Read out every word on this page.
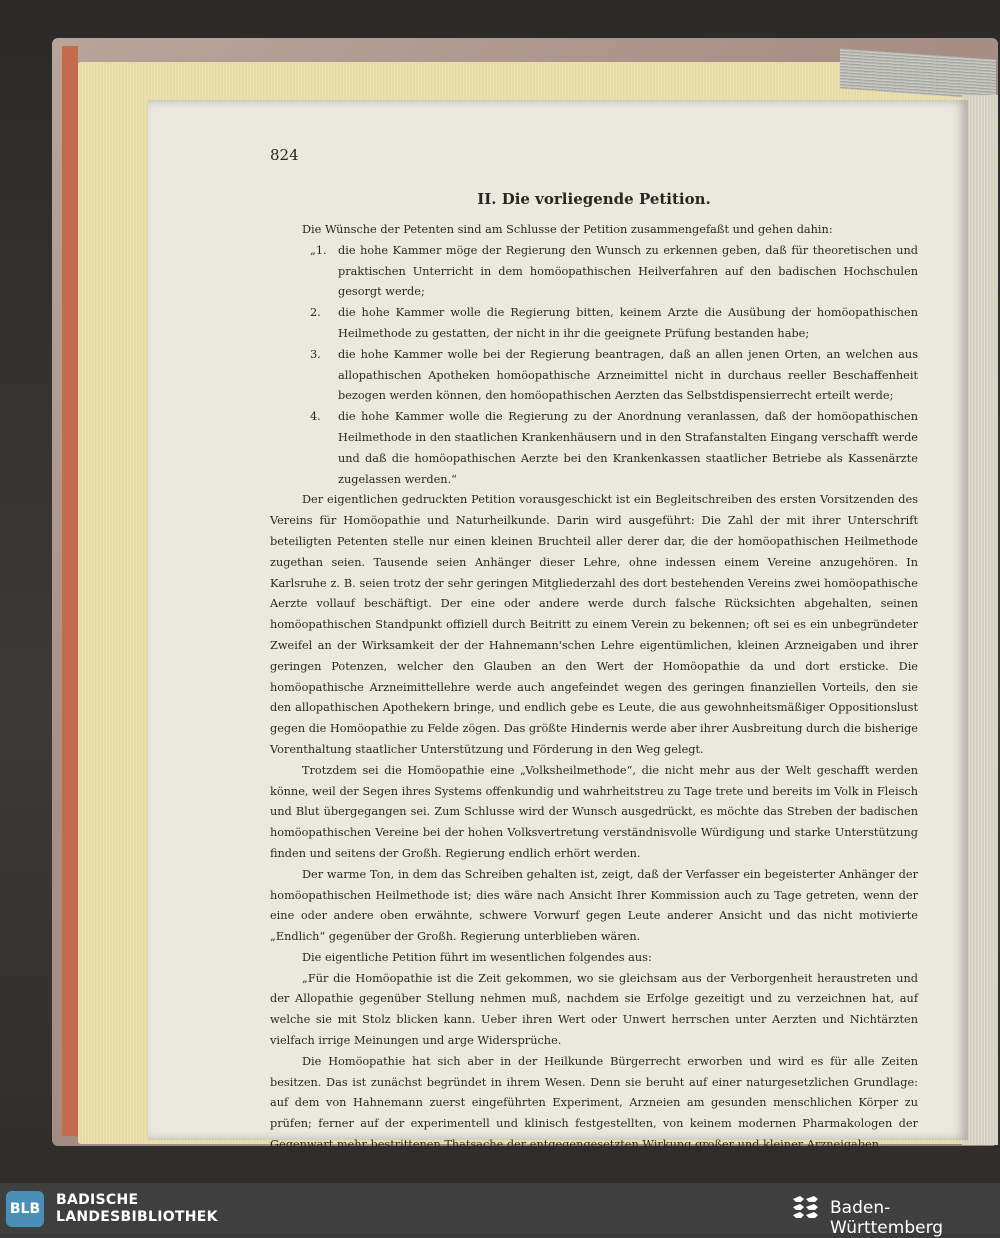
824
II. Die vorliegende Petition.

Die Wünsche der Petenten sind am Schlusse der Petition zusammengefaßt und gehen dahin:

„1. die hohe Kammer möge der Regierung den Wunsch zu erkennen geben, daß für theoretischen und praktischen Unterricht in dem homöopathischen Heilverfahren auf den badischen Hochschulen gesorgt werde;

2. die hohe Kammer wolle die Regierung bitten, keinem Arzte die Ausübung der homöopathischen Heilmethode zu gestatten, der nicht in ihr die geeignete Prüfung bestanden habe;

3. die hohe Kammer wolle bei der Regierung beantragen, daß an allen jenen Orten, an welchen aus allopathischen Apotheken homöopathische Arzneimittel nicht in durchaus reeller Beschaffenheit bezogen werden können, den homöopathischen Aerzten das Selbstdispensierrecht erteilt werde;

4. die hohe Kammer wolle die Regierung zu der Anordnung veranlassen, daß der homöopathischen Heilmethode in den staatlichen Krankenhäusern und in den Strafanstalten Eingang verschafft werde und daß die homöopathischen Aerzte bei den Krankenkassen staatlicher Betriebe als Kassenärzte zugelassen werden.“

Der eigentlichen gedruckten Petition vorausgeschickt ist ein Begleitschreiben des ersten Vorsitzenden des Vereins für Homöopathie und Naturheilkunde. Darin wird ausgeführt: Die Zahl der mit ihrer Unterschrift beteiligten Petenten stelle nur einen kleinen Bruchteil aller derer dar, die der homöopathischen Heilmethode zugethan seien. Tausende seien Anhänger dieser Lehre, ohne indessen einem Vereine anzugehören. In Karlsruhe z. B. seien trotz der sehr geringen Mitgliederzahl des dort bestehenden Vereins zwei homöopathische Aerzte vollauf beschäftigt. Der eine oder andere werde durch falsche Rücksichten abgehalten, seinen homöopathischen Standpunkt offiziell durch Beitritt zu einem Verein zu bekennen; oft sei es ein unbegründeter Zweifel an der Wirksamkeit der der Hahnemann'schen Lehre eigentümlichen, kleinen Arzneigaben und ihrer geringen Potenzen, welcher den Glauben an den Wert der Homöopathie da und dort ersticke. Die homöopathische Arzneimittellehre werde auch angefeindet wegen des geringen finanziellen Vorteils, den sie den allopathischen Apothekern bringe, und endlich gebe es Leute, die aus gewohnheitsmäßiger Oppositionslust gegen die Homöopathie zu Felde zögen. Das größte Hindernis werde aber ihrer Ausbreitung durch die bisherige Vorenthaltung staatlicher Unterstützung und Förderung in den Weg gelegt.

Trotzdem sei die Homöopathie eine „Volksheilmethode“, die nicht mehr aus der Welt geschafft werden könne, weil der Segen ihres Systems offenkundig und wahrheitstreu zu Tage trete und bereits im Volk in Fleisch und Blut übergegangen sei. Zum Schlusse wird der Wunsch ausgedrückt, es möchte das Streben der badischen homöopathischen Vereine bei der hohen Volksvertretung verständnisvolle Würdigung und starke Unterstützung finden und seitens der Großh. Regierung endlich erhört werden.

Der warme Ton, in dem das Schreiben gehalten ist, zeigt, daß der Verfasser ein begeisterter Anhänger der homöopathischen Heilmethode ist; dies wäre nach Ansicht Ihrer Kommission auch zu Tage getreten, wenn der eine oder andere oben erwähnte, schwere Vorwurf gegen Leute anderer Ansicht und das nicht motivierte „Endlich“ gegenüber der Großh. Regierung unterblieben wären.

Die eigentliche Petition führt im wesentlichen folgendes aus:

„Für die Homöopathie ist die Zeit gekommen, wo sie gleichsam aus der Verborgenheit heraustreten und der Allopathie gegenüber Stellung nehmen muß, nachdem sie Erfolge gezeitigt und zu verzeichnen hat, auf welche sie mit Stolz blicken kann. Ueber ihren Wert oder Unwert herrschen unter Aerzten und Nichtärzten vielfach irrige Meinungen und arge Widersprüche.

Die Homöopathie hat sich aber in der Heilkunde Bürgerrecht erworben und wird es für alle Zeiten besitzen. Das ist zunächst begründet in ihrem Wesen. Denn sie beruht auf einer naturgesetzlichen Grundlage: auf dem von Hahnemann zuerst eingeführten Experiment, Arzneien am gesunden menschlichen Körper zu prüfen; ferner auf der experimentell und klinisch festgestellten, von keinem modernen Pharmakologen der Gegenwart mehr bestrittenen Thatsache der entgegengesetzten Wirkung großer und kleiner Arzneigaben.

BLB
BADISCHE
LANDESBIBLIOTHEK	Baden-Württemberg
